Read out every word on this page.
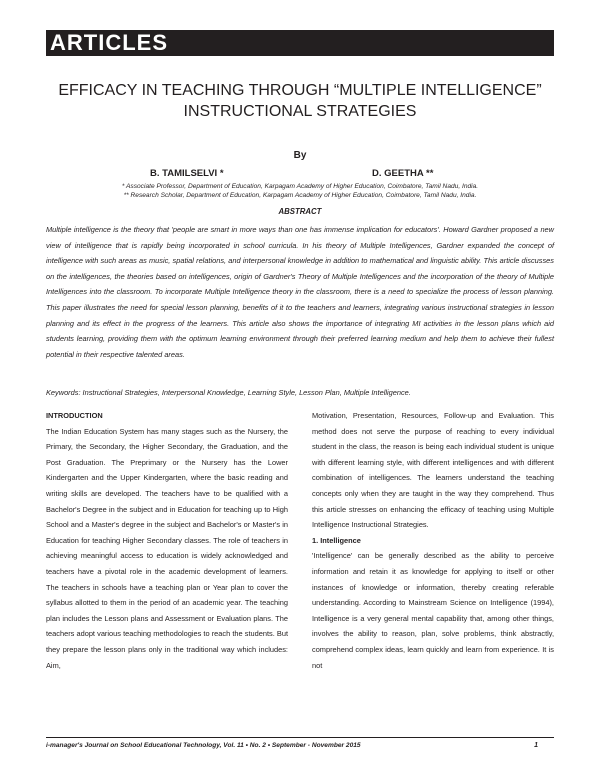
ARTICLES
EFFICACY IN TEACHING THROUGH “MULTIPLE INTELLIGENCE” INSTRUCTIONAL STRATEGIES
By
B. TAMILSELVI *	D. GEETHA **
* Associate Professor, Department of Education, Karpagam Academy of Higher Education, Coimbatore, Tamil Nadu, India.
** Research Scholar, Department of Education, Karpagam Academy of Higher Education, Coimbatore, Tamil Nadu, India.
ABSTRACT

Multiple intelligence is the theory that 'people are smart in more ways than one has immense implication for educators'. Howard Gardner proposed a new view of intelligence that is rapidly being incorporated in school curricula. In his theory of Multiple Intelligences, Gardner expanded the concept of intelligence with such areas as music, spatial relations, and interpersonal knowledge in addition to mathematical and linguistic ability. This article discusses on the intelligences, the theories based on intelligences, origin of Gardner's Theory of Multiple Intelligences and the incorporation of the theory of Multiple Intelligences into the classroom. To incorporate Multiple Intelligence theory in the classroom, there is a need to specialize the process of lesson planning. This paper illustrates the need for special lesson planning, benefits of it to the teachers and learners, integrating various instructional strategies in lesson planning and its effect in the progress of the learners. This article also shows the importance of integrating MI activities in the lesson plans which aid students learning, providing them with the optimum learning environment through their preferred learning medium and help them to achieve their fullest potential in their respective talented areas.

Keywords: Instructional Strategies, Interpersonal Knowledge, Learning Style, Lesson Plan, Multiple Intelligence.

INTRODUCTION

The Indian Education System has many stages such as the Nursery, the Primary, the Secondary, the Higher Secondary, the Graduation, and the Post Graduation. The Preprimary or the Nursery has the Lower Kindergarten and the Upper Kindergarten, where the basic reading and writing skills are developed. The teachers have to be qualified with a Bachelor's Degree in the subject and in Education for teaching up to High School and a Master's degree in the subject and Bachelor's or Master's in Education for teaching Higher Secondary classes. The role of teachers in achieving meaningful access to education is widely acknowledged and teachers have a pivotal role in the academic development of learners. The teachers in schools have a teaching plan or Year plan to cover the syllabus allotted to them in the period of an academic year. The teaching plan includes the Lesson plans and Assessment or Evaluation plans. The teachers adopt various teaching methodologies to reach the students. But they prepare the lesson plans only in the traditional way which includes: Aim,

Motivation, Presentation, Resources, Follow-up and Evaluation. This method does not serve the purpose of reaching to every individual student in the class, the reason is being each individual student is unique with different learning style, with different intelligences and with different combination of intelligences. The learners understand the teaching concepts only when they are taught in the way they comprehend. Thus this article stresses on enhancing the efficacy of teaching using Multiple Intelligence Instructional Strategies.

1. Intelligence

'Intelligence' can be generally described as the ability to perceive information and retain it as knowledge for applying to itself or other instances of knowledge or information, thereby creating referable understanding. According to Mainstream Science on Intelligence (1994), Intelligence is a very general mental capability that, among other things, involves the ability to reason, plan, solve problems, think abstractly, comprehend complex ideas, learn quickly and learn from experience. It is not

i-manager's Journal on School Educational Technology, Vol. 11 • No. 2 • September - November 2015	1
